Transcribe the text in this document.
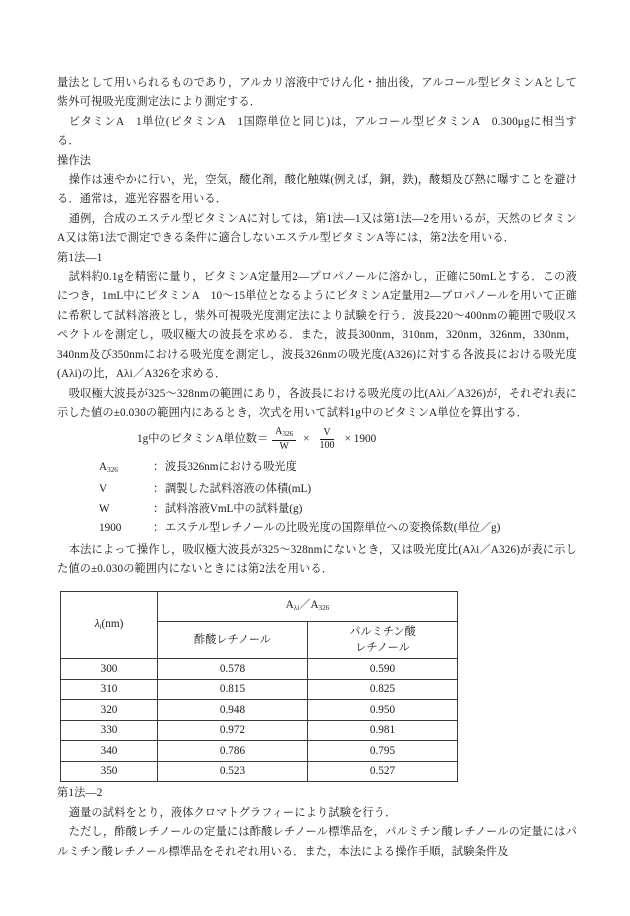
量法として用いられるものであり，アルカリ溶液中でけん化・抽出後，アルコール型ビタミンAとして紫外可視吸光度測定法により測定する．

ビタミンA　1単位(ビタミンA　1国際単位と同じ)は，アルコール型ビタミンA　0.300μgに相当する．

操作法

操作は速やかに行い，光，空気，酸化剤，酸化触媒(例えば，銅，鉄)，酸類及び熱に曝すことを避ける．通常は，遮光容器を用いる．

通例，合成のエステル型ビタミンAに対しては，第1法—1又は第1法—2を用いるが，天然のビタミンA又は第1法で測定できる条件に適合しないエステル型ビタミンA等には，第2法を用いる．

第1法—1

試料約0.1gを精密に量り，ビタミンA定量用2—プロパノールに溶かし，正確に50mLとする．この液につき，1mL中にビタミンA　10～15単位となるようにビタミンA定量用2—プロパノールを用いて正確に希釈して試料溶液とし，紫外可視吸光度測定法により試験を行う．波長220～400nmの範囲で吸収スペクトルを測定し，吸収極大の波長を求める．また，波長300nm，310nm，320nm，326nm，330nm，340nm及び350nmにおける吸光度を測定し，波長326nmの吸光度(A326)に対する各波長における吸光度(Aλi)の比，Aλi／A326を求める．

吸収極大波長が325～328nmの範囲にあり，各波長における吸光度の比(Aλi／A326)が，それぞれ表に示した値の±0.030の範囲内にあるとき，次式を用いて試料1g中のビタミンA単位を算出する．

1g中のビタミンA単位数＝ $\frac{A_{326}}{W} \times \frac{V}{100} \times 1900$
$A_{326}$	： 波長326nmにおける吸光度
V	： 調製した試料溶液の体積(mL)
W	： 試料溶液VmL中の試料量(g)
1900	： エステル型レチノールの比吸光度の国際単位への変換係数(単位／g)

本法によって操作し，吸収極大波長が325～328nmにないとき，又は吸光度比(Aλi／A326)が表に示した値の±0.030の範囲内にないときには第2法を用いる．

$\lambda_i(nm)$	$A_{\lambda i}/A_{326}$

	酢酸レチノール	パルミチン酸
レチノール

300	0.578	0.590
310	0.815	0.825
320	0.948	0.950
330	0.972	0.981
340	0.786	0.795
350	0.523	0.527

第1法—2

適量の試料をとり，液体クロマトグラフィーにより試験を行う．

ただし，酢酸レチノールの定量には酢酸レチノール標準品を，パルミチン酸レチノールの定量にはパルミチン酸レチノール標準品をそれぞれ用いる．また，本法による操作手順，試験条件及
